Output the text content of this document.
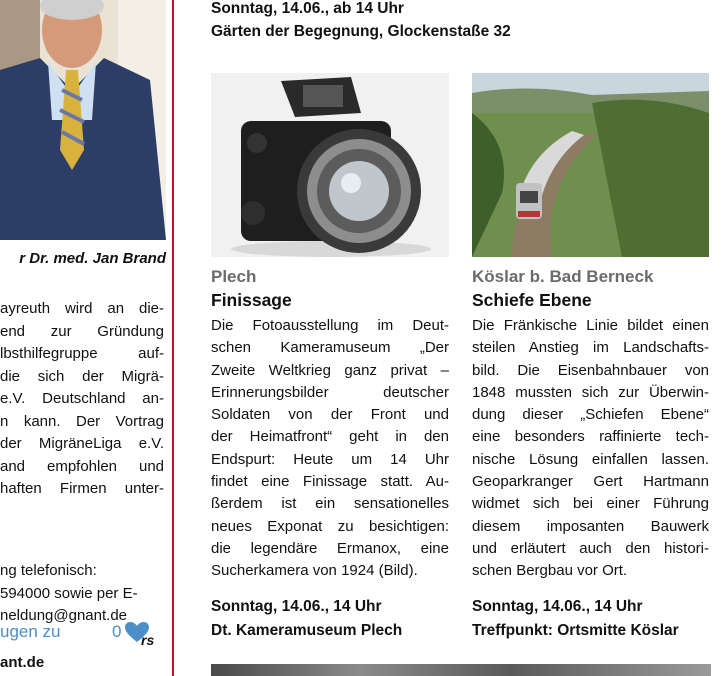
r Dr. med. Jan Brand
ayreuth wird an die-
end zur Gründung
lbsthilfegruppe auf-
die sich der Migrä-
e.V. Deutschland an-
n kann. Der Vortrag
der MigräneLiga e.V.
and empfohlen und
haften Firmen unter-
ng telefonisch:
594000 sowie per E-
neldung@gnant.de
ugen zu	0 rs
ant.de
Sonntag, 14.06., ab 14 Uhr
Gärten der Begegnung, Glockenstaße 32
Plech
Finissage
Die Fotoausstellung im Deut-
schen Kameramuseum „Der
Zweite Weltkrieg ganz privat –
Erinnerungsbilder deutscher
Soldaten von der Front und
der Heimatfront“ geht in den
Endspurt: Heute um 14 Uhr
findet eine Finissage statt. Au-
ßerdem ist ein sensationelles
neues Exponat zu besichtigen:
die legendäre Ermanox, eine
Sucherkamera von 1924 (Bild).
Sonntag, 14.06., 14 Uhr
Dt. Kameramuseum Plech
Köslar b. Bad Berneck
Schiefe Ebene
Die Fränkische Linie bildet einen
steilen Anstieg im Landschafts-
bild. Die Eisenbahnbauer von
1848 mussten sich zur Überwin-
dung dieser „Schiefen Ebene“
eine besonders raffinierte tech-
nische Lösung einfallen lassen.
Geoparkranger Gert Hartmann
widmet sich bei einer Führung
diesem imposanten Bauwerk
und erläutert auch den histori-
schen Bergbau vor Ort.
Sonntag, 14.06., 14 Uhr
Treffpunkt: Ortsmitte Köslar
